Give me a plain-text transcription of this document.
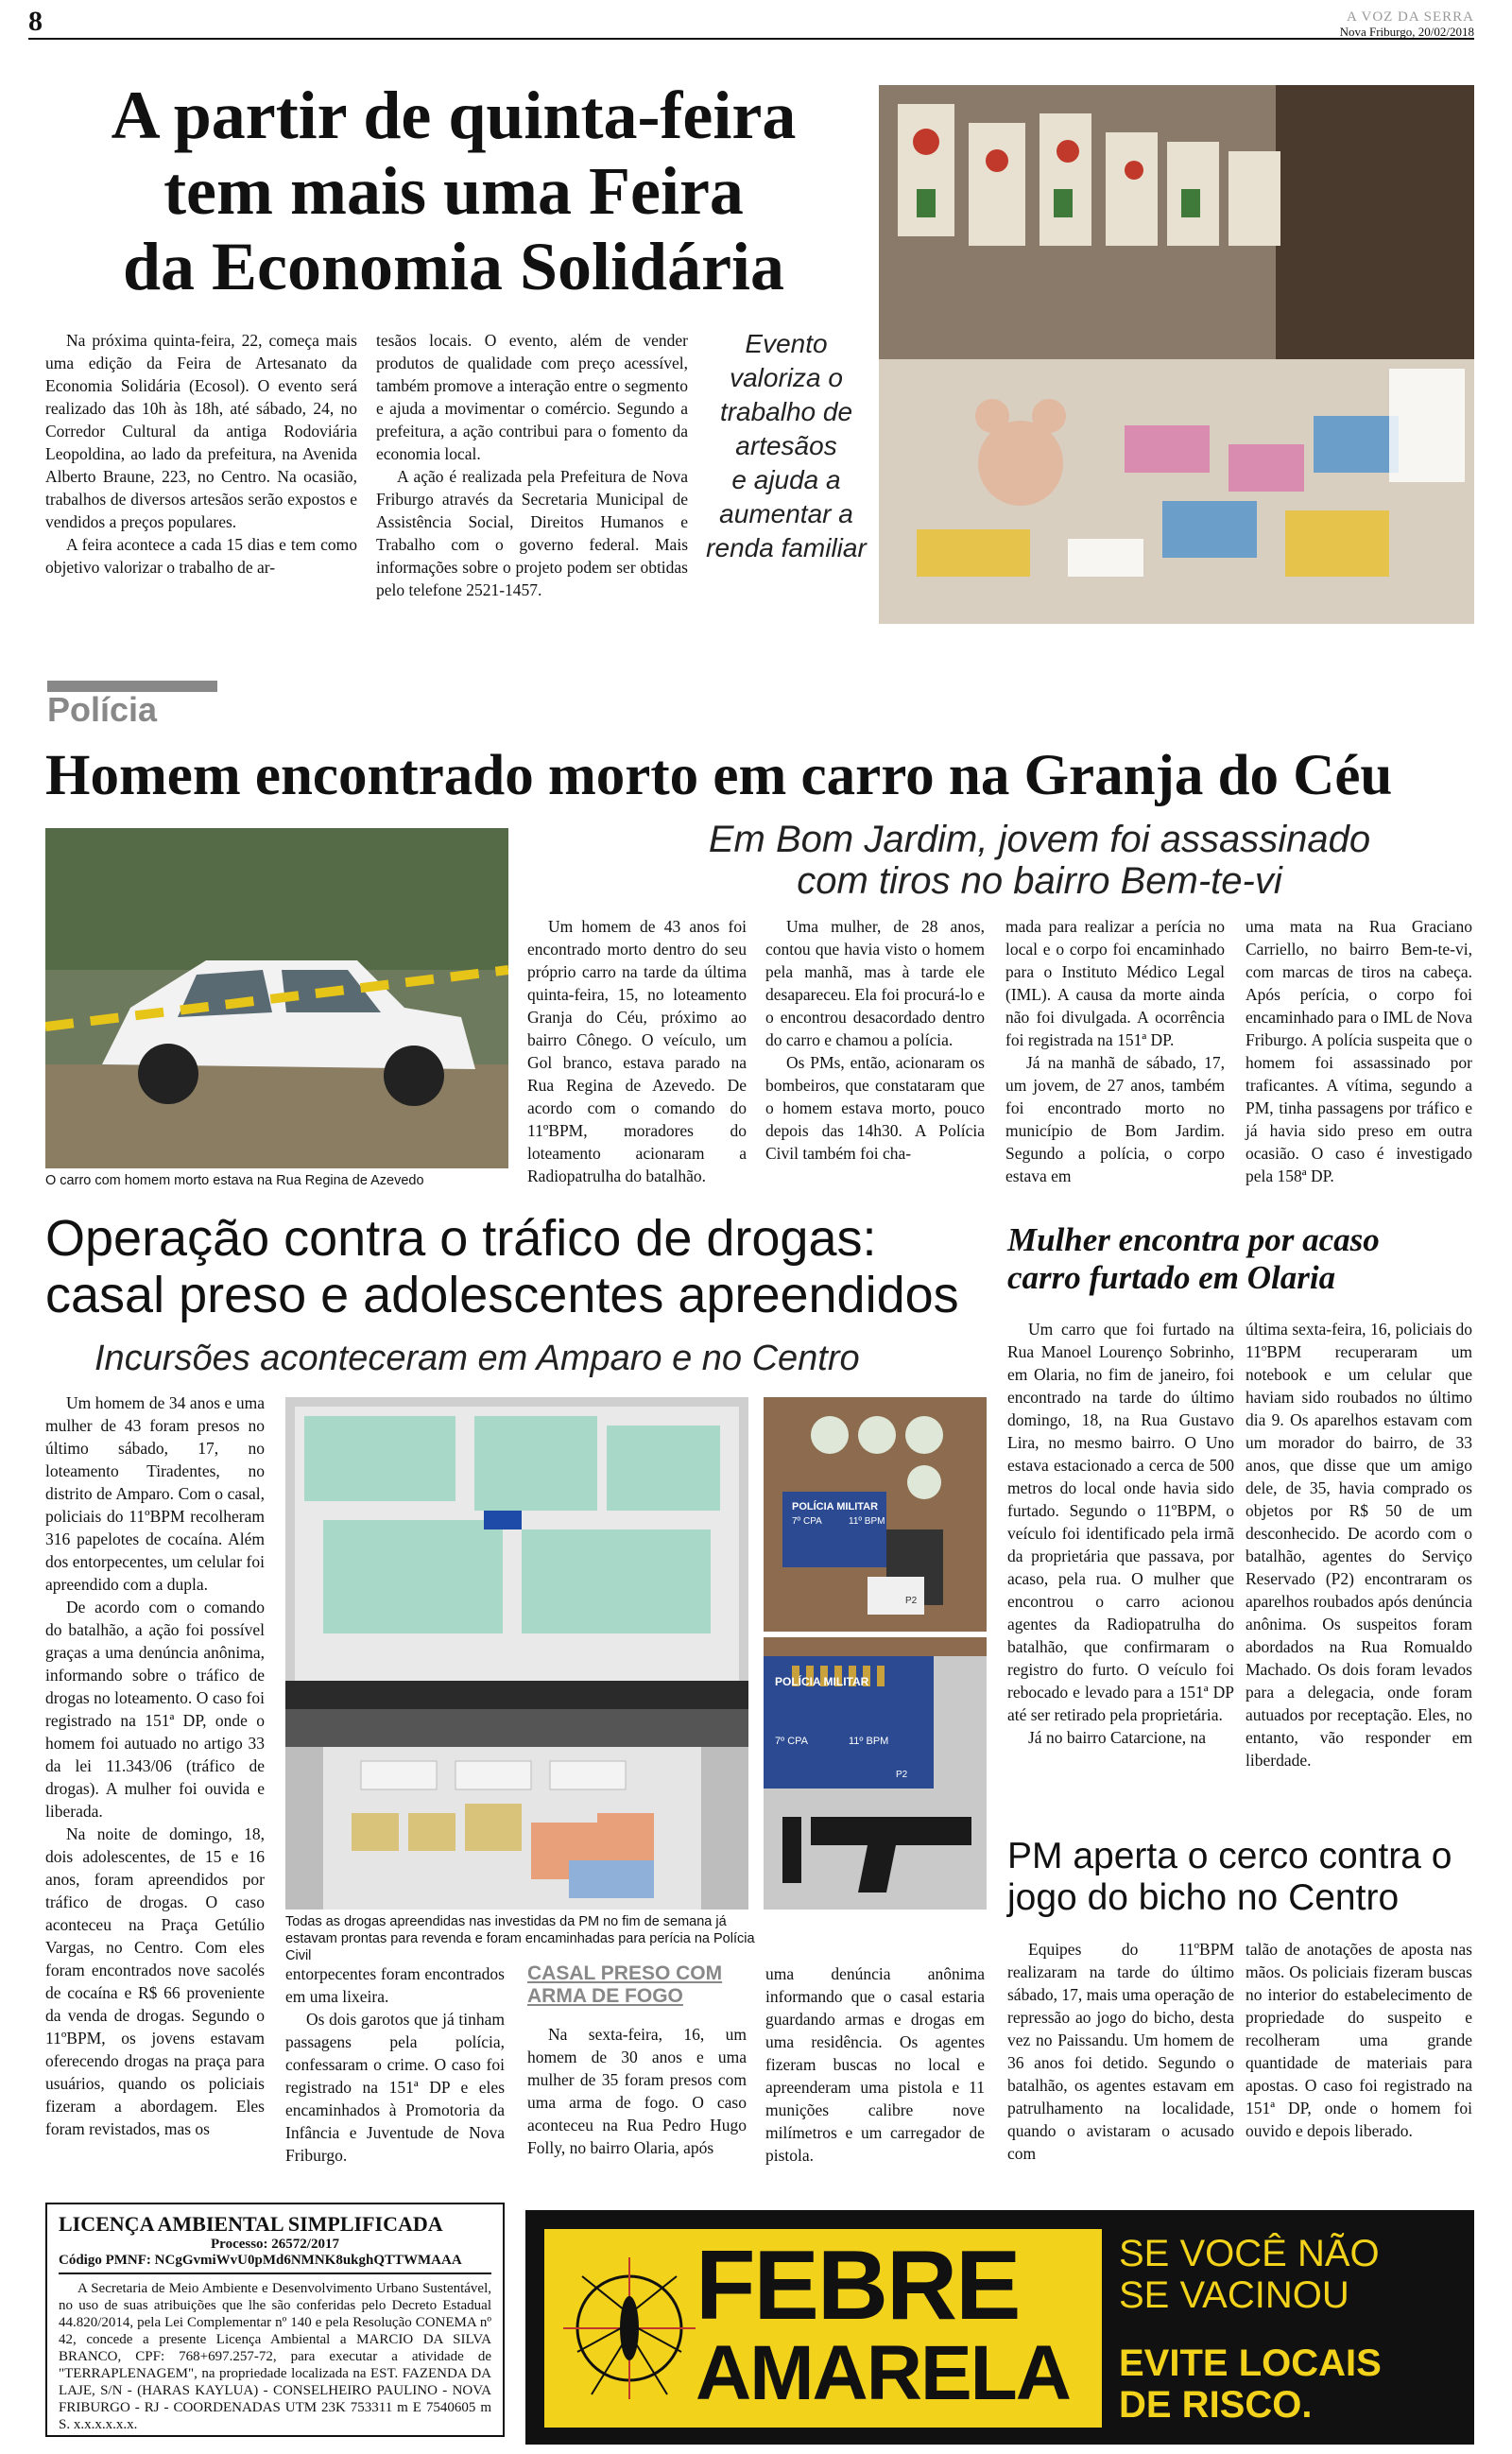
8	A VOZ DA SERRA
Nova Friburgo, 20/02/2018
A partir de quinta-feira
tem mais uma Feira
da Economia Solidária

Na próxima quinta-feira, 22, começa mais uma edição da Feira de Artesanato da Economia Solidária (Ecosol). O evento será realizado das 10h às 18h, até sábado, 24, no Corredor Cultural da antiga Rodoviária Leopoldina, ao lado da prefeitura, na Avenida Alberto Braune, 223, no Centro. Na ocasião, trabalhos de diversos artesãos serão expostos e vendidos a preços populares.

A feira acontece a cada 15 dias e tem como objetivo valorizar o trabalho de ar-

tesãos locais. O evento, além de vender produtos de qualidade com preço acessível, também promove a interação entre o segmento e ajuda a movimentar o comércio. Segundo a prefeitura, a ação contribui para o fomento da economia local.

A ação é realizada pela Prefeitura de Nova Friburgo através da Secretaria Municipal de Assistência Social, Direitos Humanos e Trabalho com o governo federal. Mais informações sobre o projeto podem ser obtidas pelo telefone 2521-1457.

Evento
valoriza o
trabalho de
artesãos
e ajuda a
aumentar a
renda familiar
Polícia
Homem encontrado morto em carro na Granja do Céu
O carro com homem morto estava na Rua Regina de Azevedo
Em Bom Jardim, jovem foi assassinado
com tiros no bairro Bem-te-vi

Um homem de 43 anos foi encontrado morto dentro do seu próprio carro na tarde da última quinta-feira, 15, no loteamento Granja do Céu, próximo ao bairro Cônego. O veículo, um Gol branco, estava parado na Rua Regina de Azevedo. De acordo com o comando do 11ºBPM, moradores do loteamento acionaram a Radiopatrulha do batalhão.

Uma mulher, de 28 anos, contou que havia visto o homem pela manhã, mas à tarde ele desapareceu. Ela foi procurá-lo e o encontrou desacordado dentro do carro e chamou a polícia.

Os PMs, então, acionaram os bombeiros, que constataram que o homem estava morto, pouco depois das 14h30. A Polícia Civil também foi cha-

mada para realizar a perícia no local e o corpo foi encaminhado para o Instituto Médico Legal (IML). A causa da morte ainda não foi divulgada. A ocorrência foi registrada na 151ª DP.

Já na manhã de sábado, 17, um jovem, de 27 anos, também foi encontrado morto no município de Bom Jardim. Segundo a polícia, o corpo estava em

uma mata na Rua Graciano Carriello, no bairro Bem-te-vi, com marcas de tiros na cabeça. Após perícia, o corpo foi encaminhado para o IML de Nova Friburgo. A polícia suspeita que o homem foi assassinado por traficantes. A vítima, segundo a PM, tinha passagens por tráfico e já havia sido preso em outra ocasião. O caso é investigado pela 158ª DP.

Operação contra o tráfico de drogas:
casal preso e adolescentes apreendidos
Incursões aconteceram em Amparo e no Centro

Um homem de 34 anos e uma mulher de 43 foram presos no último sábado, 17, no loteamento Tiradentes, no distrito de Amparo. Com o casal, policiais do 11ºBPM recolheram 316 papelotes de cocaína. Além dos entorpecentes, um celular foi apreendido com a dupla.

De acordo com o comando do batalhão, a ação foi possível graças a uma denúncia anônima, informando sobre o tráfico de drogas no loteamento. O caso foi registrado na 151ª DP, onde o homem foi autuado no artigo 33 da lei 11.343/06 (tráfico de drogas). A mulher foi ouvida e liberada.

Na noite de domingo, 18, dois adolescentes, de 15 e 16 anos, foram apreendidos por tráfico de drogas. O caso aconteceu na Praça Getúlio Vargas, no Centro. Com eles foram encontrados nove sacolés de cocaína e R$ 66 proveniente da venda de drogas. Segundo o 11ºBPM, os jovens estavam oferecendo drogas na praça para usuários, quando os policiais fizeram a abordagem. Eles foram revistados, mas os

POLÍCIA MILITAR
7º CPA	11º BPM
P2
POLÍCIA MILITAR
7º CPA	11º BPM
P2
Todas as drogas apreendidas nas investidas da PM no fim de semana já estavam prontas para revenda e foram encaminhadas para perícia na Polícia Civil

entorpecentes foram encontrados em uma lixeira.

Os dois garotos que já tinham passagens pela polícia, confessaram o crime. O caso foi registrado na 151ª DP e eles encaminhados à Promotoria da Infância e Juventude de Nova Friburgo.

CASAL PRESO COM
ARMA DE FOGO

Na sexta-feira, 16, um homem de 30 anos e uma mulher de 35 foram presos com uma arma de fogo. O caso aconteceu na Rua Pedro Hugo Folly, no bairro Olaria, após

uma denúncia anônima informando que o casal estaria guardando armas e drogas em uma residência. Os agentes fizeram buscas no local e apreenderam uma pistola e 11 munições calibre nove milímetros e um carregador de pistola.

Mulher encontra por acaso
carro furtado em Olaria

Um carro que foi furtado na Rua Manoel Lourenço Sobrinho, em Olaria, no fim de janeiro, foi encontrado na tarde do último domingo, 18, na Rua Gustavo Lira, no mesmo bairro. O Uno estava estacionado a cerca de 500 metros do local onde havia sido furtado. Segundo o 11ºBPM, o veículo foi identificado pela irmã da proprietária que passava, por acaso, pela rua. O mulher que encontrou o carro acionou agentes da Radiopatrulha do batalhão, que confirmaram o registro do furto. O veículo foi rebocado e levado para a 151ª DP até ser retirado pela proprietária.

Já no bairro Catarcione, na

última sexta-feira, 16, policiais do 11ºBPM recuperaram um notebook e um celular que haviam sido roubados no último dia 9. Os aparelhos estavam com um morador do bairro, de 33 anos, que disse que um amigo dele, de 35, havia comprado os objetos por R$ 50 de um desconhecido. De acordo com o batalhão, agentes do Serviço Reservado (P2) encontraram os aparelhos roubados após denúncia anônima. Os suspeitos foram abordados na Rua Romualdo Machado. Os dois foram levados para a delegacia, onde foram autuados por receptação. Eles, no entanto, vão responder em liberdade.

PM aperta o cerco contra o
jogo do bicho no Centro

Equipes do 11ºBPM realizaram na tarde do último sábado, 17, mais uma operação de repressão ao jogo do bicho, desta vez no Paissandu. Um homem de 36 anos foi detido. Segundo o batalhão, os agentes estavam em patrulhamento na localidade, quando o avistaram o acusado com

talão de anotações de aposta nas mãos. Os policiais fizeram buscas no interior do estabelecimento de propriedade do suspeito e recolheram uma grande quantidade de materiais para apostas. O caso foi registrado na 151ª DP, onde o homem foi ouvido e depois liberado.

LICENÇA AMBIENTAL SIMPLIFICADA
Processo: 26572/2017
Código PMNF: NCgGvmiWvU0pMd6NMNK8ukghQTTWMAAA
A Secretaria de Meio Ambiente e Desenvolvimento Urbano Sustentável, no uso de suas atribuições que lhe são conferidas pelo Decreto Estadual 44.820/2014, pela Lei Complementar nº 140 e pela Resolução CONEMA nº 42, concede a presente Licença Ambiental a MARCIO DA SILVA BRANCO, CPF: 768+697.257-72, para executar a atividade de "TERRAPLENAGEM", na propriedade localizada na EST. FAZENDA DA LAJE, S/N - (HARAS KAYLUA) - CONSELHEIRO PAULINO - NOVA FRIBURGO - RJ - COORDENADAS UTM 23K 753311 m E 7540605 m S. x.x.x.x.x.x.
FEBRE
AMARELA
SE VOCÊ NÃO
SE VACINOU
EVITE LOCAIS
DE RISCO.
